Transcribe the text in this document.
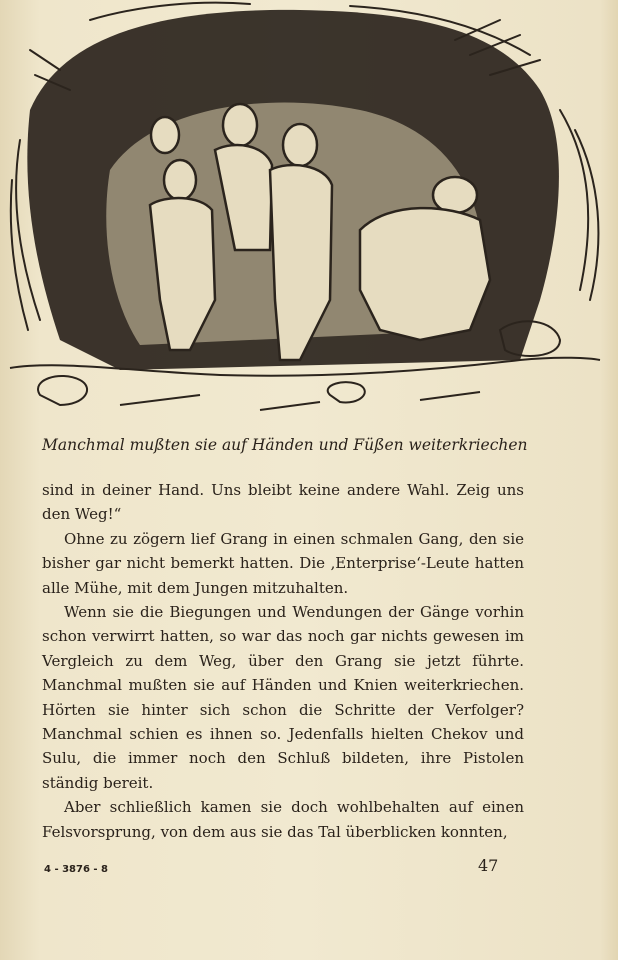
Manchmal mußten sie auf Händen und Füßen weiterkriechen

sind in deiner Hand. Uns bleibt keine andere Wahl. Zeig uns den Weg!“

Ohne zu zögern lief Grang in einen schmalen Gang, den sie bisher gar nicht bemerkt hatten. Die ‚Enterprise‘-Leute hatten alle Mühe, mit dem Jungen mitzuhalten.

Wenn sie die Biegungen und Wendungen der Gänge vorhin schon verwirrt hatten, so war das noch gar nichts gewesen im Vergleich zu dem Weg, über den Grang sie jetzt führte. Manchmal mußten sie auf Händen und Knien weiterkriechen. Hörten sie hinter sich schon die Schritte der Verfolger? Manchmal schien es ihnen so. Jedenfalls hielten Chekov und Sulu, die immer noch den Schluß bildeten, ihre Pistolen ständig bereit.

Aber schließlich kamen sie doch wohlbehalten auf einen Felsvorsprung, von dem aus sie das Tal überblicken konnten,

4 - 3876 - 8	47
